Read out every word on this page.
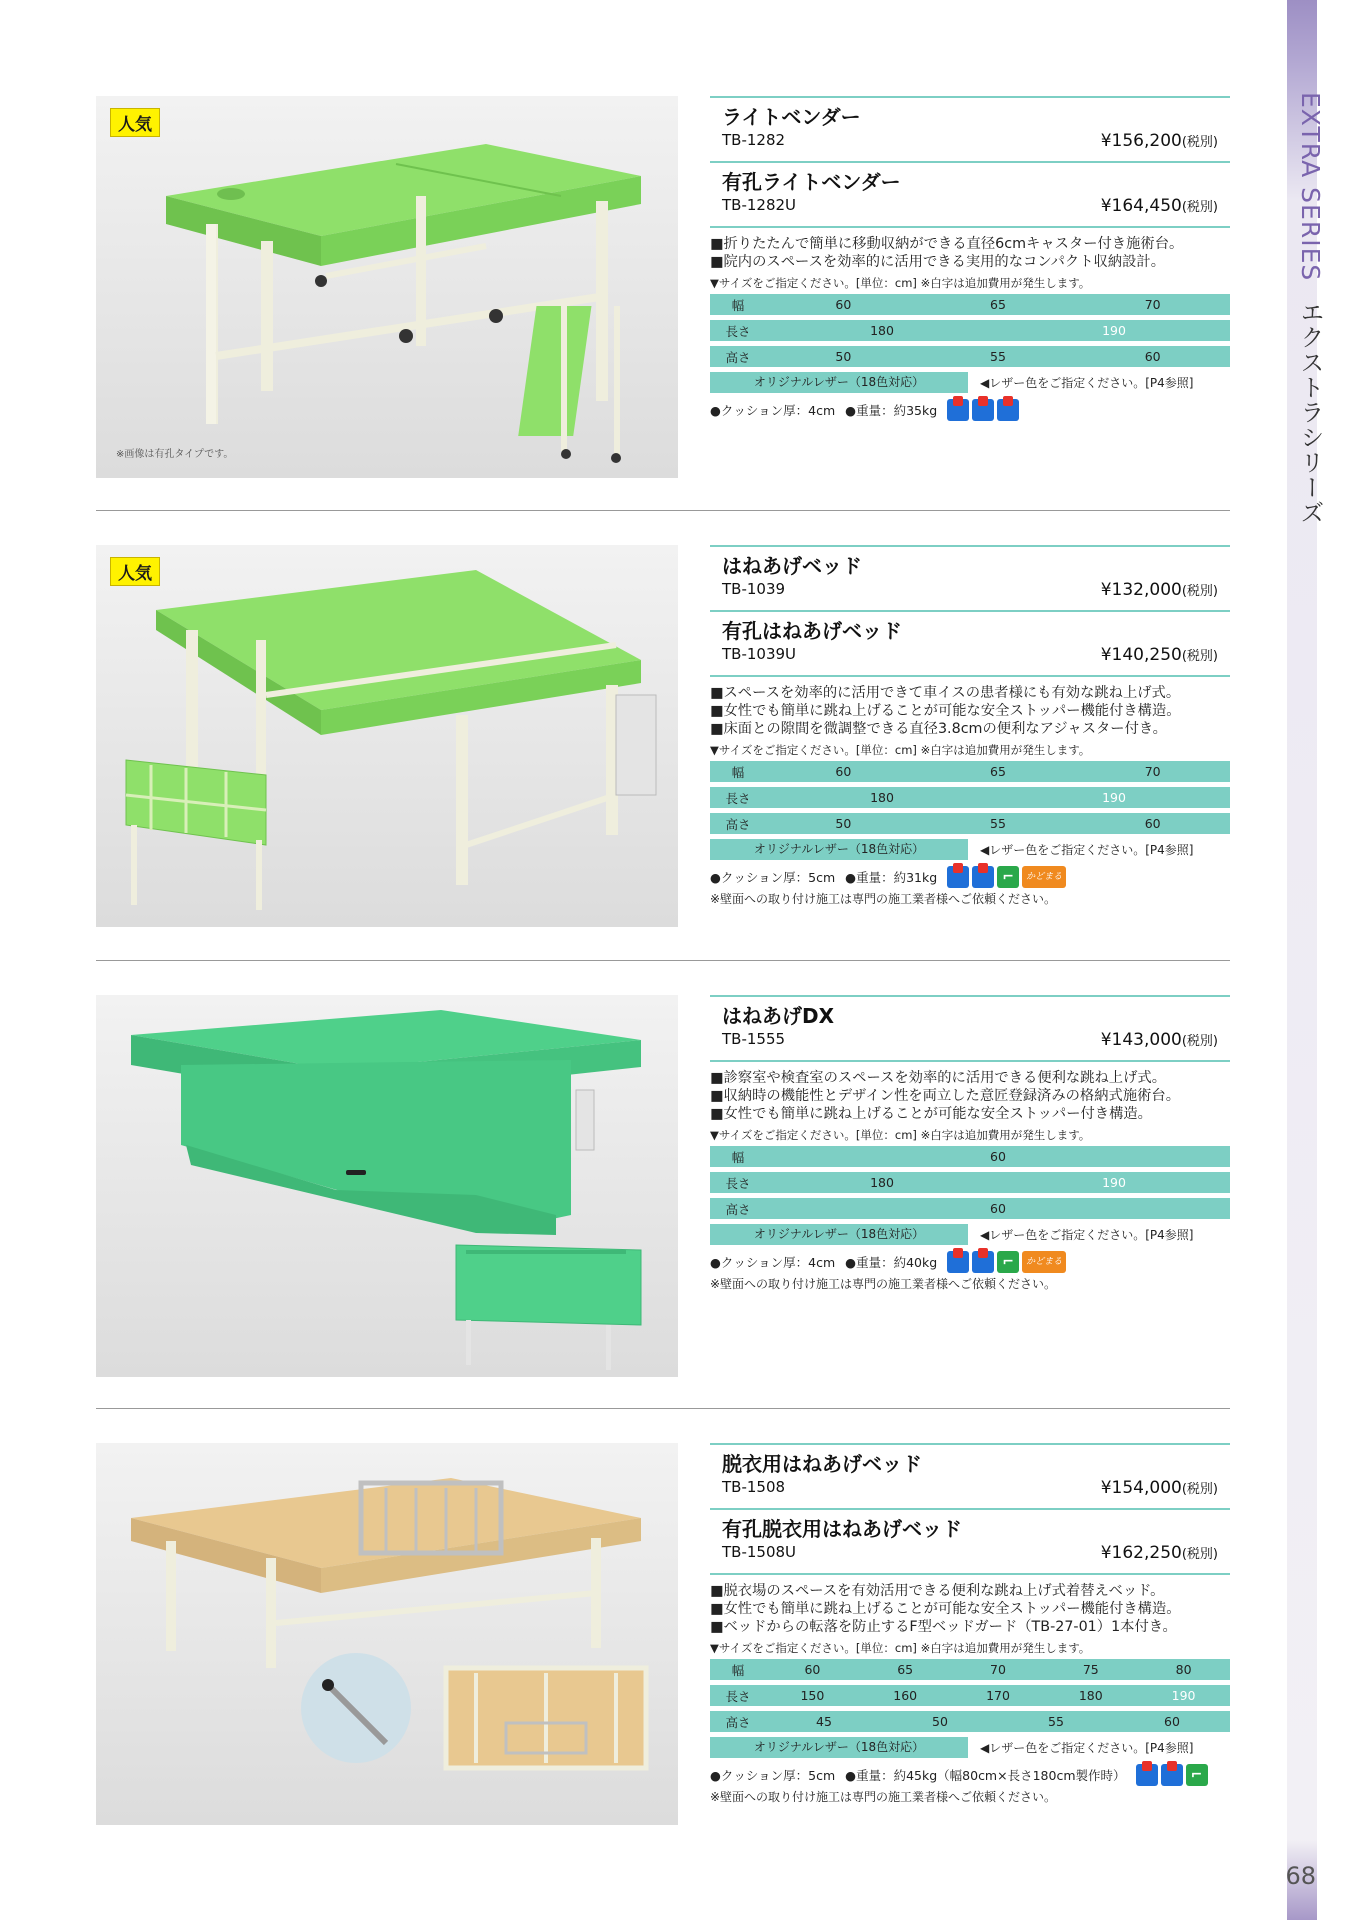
EXTRA SERIES エクストラシリーズ
68
人気
※画像は有孔タイプです。
ライトベンダー
TB-1282	¥156,200(税別)
有孔ライトベンダー
TB-1282U	¥164,450(税別)
■折りたたんで簡単に移動収納ができる直径6cmキャスター付き施術台。
■院内のスペースを効率的に活用できる実用的なコンパクト収納設計。
▼サイズをご指定ください。[単位：cm] ※白字は追加費用が発生します。
幅	60	65	70
長さ	180	190
高さ	50	55	60
オリジナルレザー（18色対応）	◀レザー色をご指定ください。[P4参照]
●クッション厚：4cm ●重量：約35kg
人気	はねあげベッド
TB-1039	¥132,000(税別)
有孔はねあげベッド
TB-1039U	¥140,250(税別)
■スペースを効率的に活用できて車イスの患者様にも有効な跳ね上げ式。
■女性でも簡単に跳ね上げることが可能な安全ストッパー機能付き構造。
■床面との隙間を微調整できる直径3.8cmの便利なアジャスター付き。
▼サイズをご指定ください。[単位：cm] ※白字は追加費用が発生します。
幅	60	65	70
長さ	180	190
高さ	50	55	60
オリジナルレザー（18色対応）	◀レザー色をご指定ください。[P4参照]
●クッション厚：5cm ●重量：約31kg	⌐	かどまる
※壁面への取り付け施工は専門の施工業者様へご依頼ください。
はねあげDX
TB-1555	¥143,000(税別)
■診察室や検査室のスペースを効率的に活用できる便利な跳ね上げ式。
■収納時の機能性とデザイン性を両立した意匠登録済みの格納式施術台。
■女性でも簡単に跳ね上げることが可能な安全ストッパー付き構造。
▼サイズをご指定ください。[単位：cm] ※白字は追加費用が発生します。
幅	60
長さ	180	190
高さ	60
オリジナルレザー（18色対応）	◀レザー色をご指定ください。[P4参照]
●クッション厚：4cm ●重量：約40kg	⌐	かどまる
※壁面への取り付け施工は専門の施工業者様へご依頼ください。
脱衣用はねあげベッド
TB-1508	¥154,000(税別)
有孔脱衣用はねあげベッド
TB-1508U	¥162,250(税別)
■脱衣場のスペースを有効活用できる便利な跳ね上げ式着替えベッド。
■女性でも簡単に跳ね上げることが可能な安全ストッパー機能付き構造。
■ベッドからの転落を防止するF型ベッドガード（TB-27-01）1本付き。
▼サイズをご指定ください。[単位：cm] ※白字は追加費用が発生します。
幅	60	65	70	75	80
長さ	150	160	170	180	190
高さ	45	50	55	60
オリジナルレザー（18色対応）	◀レザー色をご指定ください。[P4参照]
●クッション厚：5cm ●重量：約45kg（幅80cm×長さ180cm製作時）	⌐
※壁面への取り付け施工は専門の施工業者様へご依頼ください。
